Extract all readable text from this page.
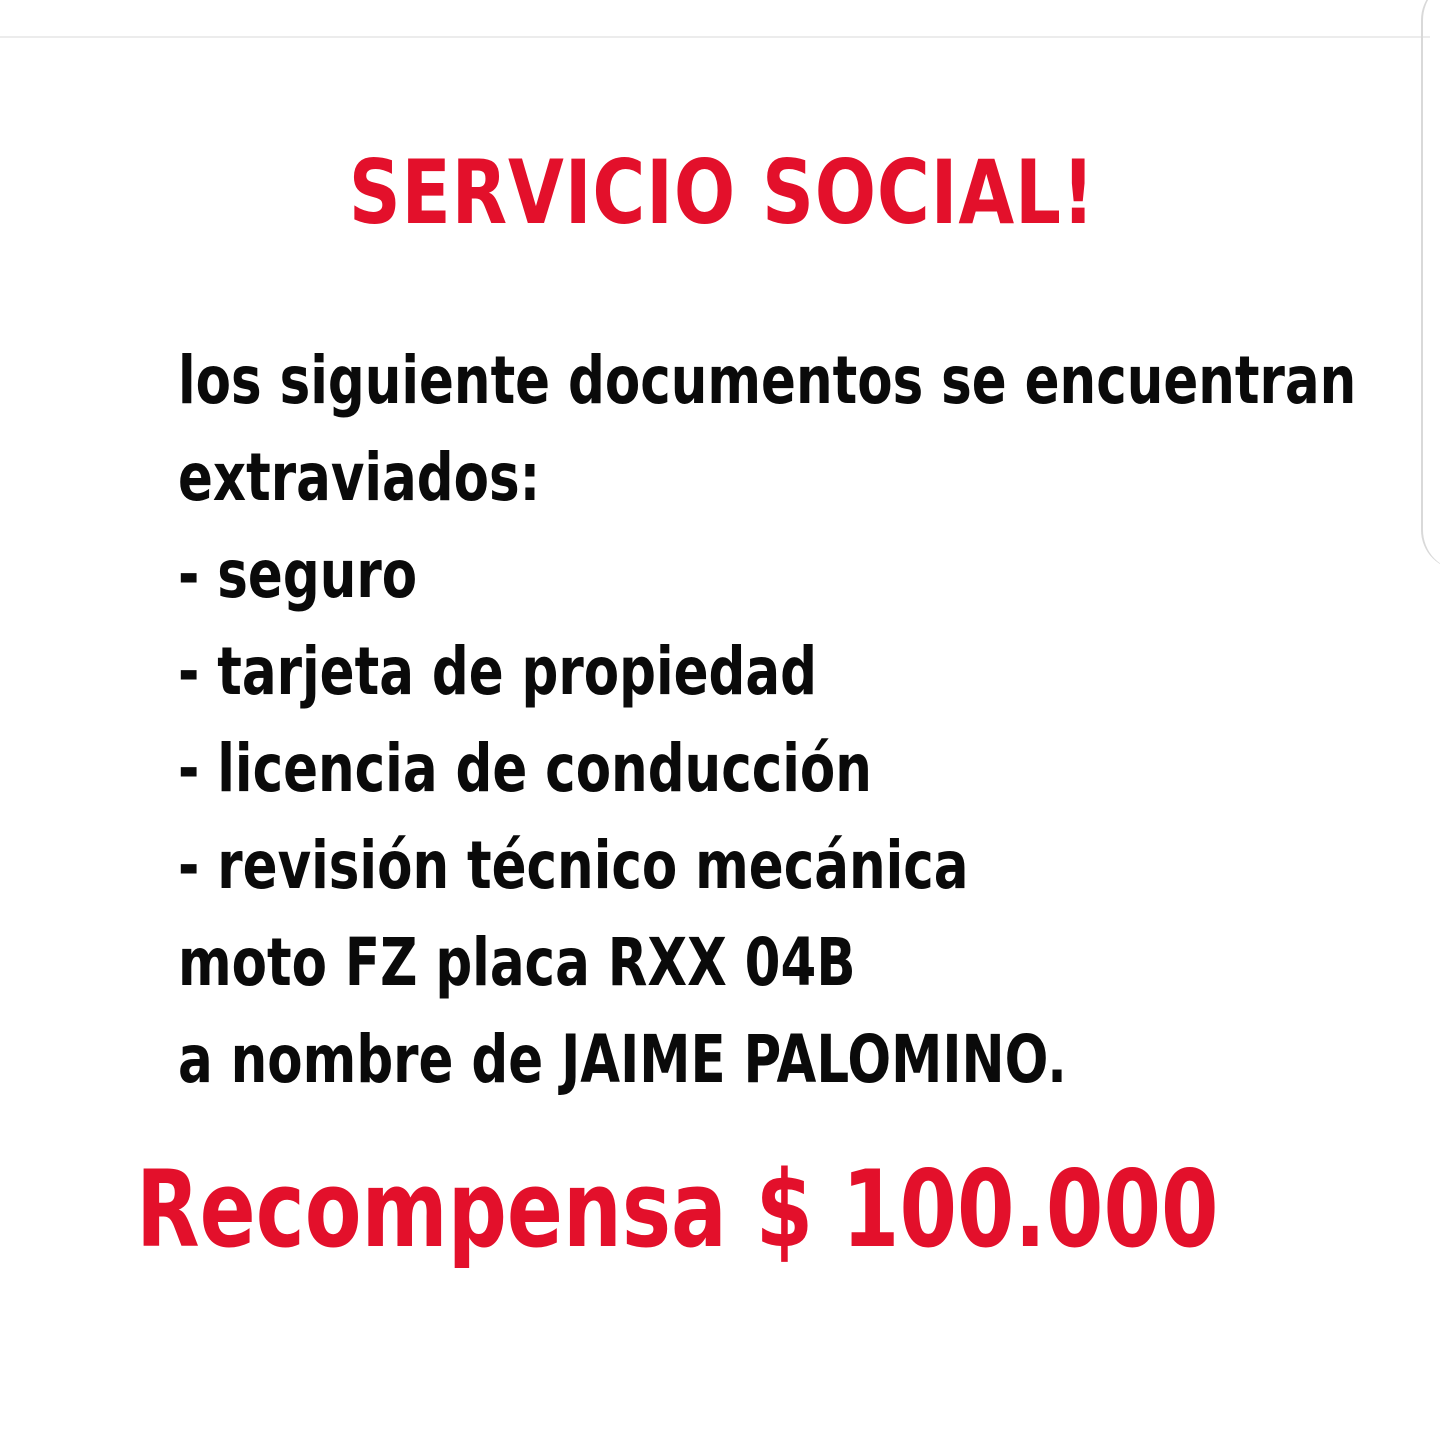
SERVICIO SOCIAL!
los siguiente documentos se encuentran
extraviados:
- seguro
- tarjeta de propiedad
- licencia de conducción
- revisión técnico mecánica
moto FZ placa RXX 04B
a nombre de JAIME PALOMINO.
Recompensa $ 100.000
